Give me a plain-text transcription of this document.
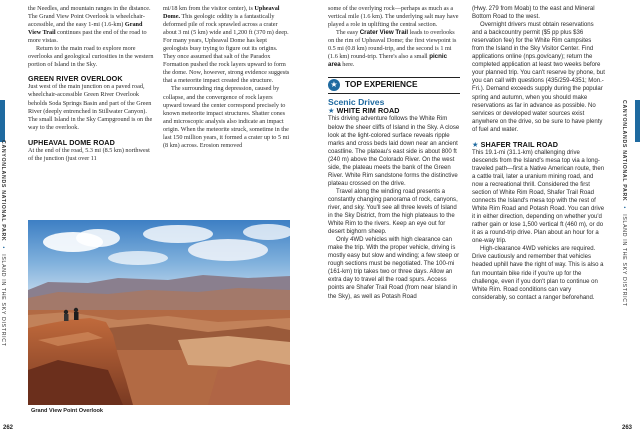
the Needles, and mountain ranges in the distance. The Grand View Point Overlook is wheelchair-accessible, and the easy 1-mi (1.6-km) Grand View Trail continues past the end of the road to more vistas.

Return to the main road to explore more overlooks and geological curiosities in the western portion of Island in the Sky.

GREEN RIVER OVERLOOK

Just west of the main junction on a paved road, wheelchair-accessible Green River Overlook beholds Soda Springs Basin and part of the Green River (deeply entrenched in Stillwater Canyon). The small Island in the Sky Campground is on the way to the overlook.

UPHEAVAL DOME ROAD

At the end of the road, 5.3 mi (8.5 km) northwest of the junction (just over 11

mi/18 km from the visitor center), is Upheaval Dome. This geologic oddity is a fantastically deformed pile of rock sprawled across a crater about 3 mi (5 km) wide and 1,200 ft (370 m) deep. For many years, Upheaval Dome has kept geologists busy trying to figure out its origins. They once assumed that salt of the Paradox Formation pushed the rock layers upward to form the dome. Now, however, strong evidence suggests that a meteorite impact created the structure.

The surrounding ring depression, caused by collapse, and the convergence of rock layers upward toward the center correspond precisely to known meteorite impact structures. Shatter cones and microscopic analysis also indicate an impact origin. When the meteorite struck, sometime in the last 150 million years, it formed a crater up to 5 mi (8 km) across. Erosion removed

Grand View Point Overlook
CANYONLANDS NATIONAL PARK • ISLAND IN THE SKY DISTRICT
262

some of the overlying rock—perhaps as much as a vertical mile (1.6 km). The underlying salt may have played a role in uplifting the central section.

The easy Crater View Trail leads to overlooks on the rim of Upheaval Dome; the first viewpoint is 0.5 mi (0.8 km) round-trip, and the second is 1 mi (1.6 km) round-trip. There's also a small picnic area here.

★ TOP EXPERIENCE
Scenic Drives
★ WHITE RIM ROAD

This driving adventure follows the White Rim below the sheer cliffs of Island in the Sky. A close look at the light-colored surface reveals ripple marks and cross beds laid down near an ancient coastline. The plateau's east side is about 800 ft (240 m) above the Colorado River. On the west side, the plateau meets the bank of the Green River. White Rim sandstone forms the distinctive plateau crossed on the drive.

Travel along the winding road presents a constantly changing panorama of rock, canyons, river, and sky. You'll see all three levels of Island in the Sky District, from the high plateaus to the White Rim to the rivers. Keep an eye out for desert bighorn sheep.

Only 4WD vehicles with high clearance can make the trip. With the proper vehicle, driving is mostly easy but slow and winding; a few steep or rough sections must be negotiated. The 100-mi (161-km) trip takes two or three days. Allow an extra day to travel all the road spurs. Access points are Shafer Trail Road (from near Island in the Sky), as well as Potash Road

(Hwy. 279 from Moab) to the east and Mineral Bottom Road to the west.

Overnight drivers must obtain reservations and a backcountry permit ($5 pp plus $36 reservation fee) for the White Rim campsites from the Island in the Sky Visitor Center. Find applications online (nps.gov/cany); return the completed application at least two weeks before your planned trip. You can't reserve by phone, but you can call with questions (435/259-4351; Mon.-Fri.). Demand exceeds supply during the popular spring and autumn, when you should make reservations as far in advance as possible. No services or developed water sources exist anywhere on the drive, so be sure to have plenty of fuel and water.

★ SHAFER TRAIL ROAD

This 19.1-mi (31.1-km) challenging drive descends from the Island's mesa top via a long-traveled path—first a Native American route, then a cattle trail, later a uranium mining road, and now a recreational thrill. Considered the first section of White Rim Road, Shafer Trail Road connects the Island's mesa top with the rest of White Rim Road and Potash Road. You can drive it in either direction, depending on whether you'd rather gain or lose 1,500 vertical ft (460 m), or do it as a round-trip drive. Plan about an hour for a one-way trip.

High-clearance 4WD vehicles are required. Drive cautiously and remember that vehicles headed uphill have the right of way. This is also a fun mountain bike ride if you're up for the challenge, even if you don't plan to continue on White Rim. Road conditions can vary considerably, so contact a ranger beforehand.

CANYONLANDS NATIONAL PARK • ISLAND IN THE SKY DISTRICT
263
